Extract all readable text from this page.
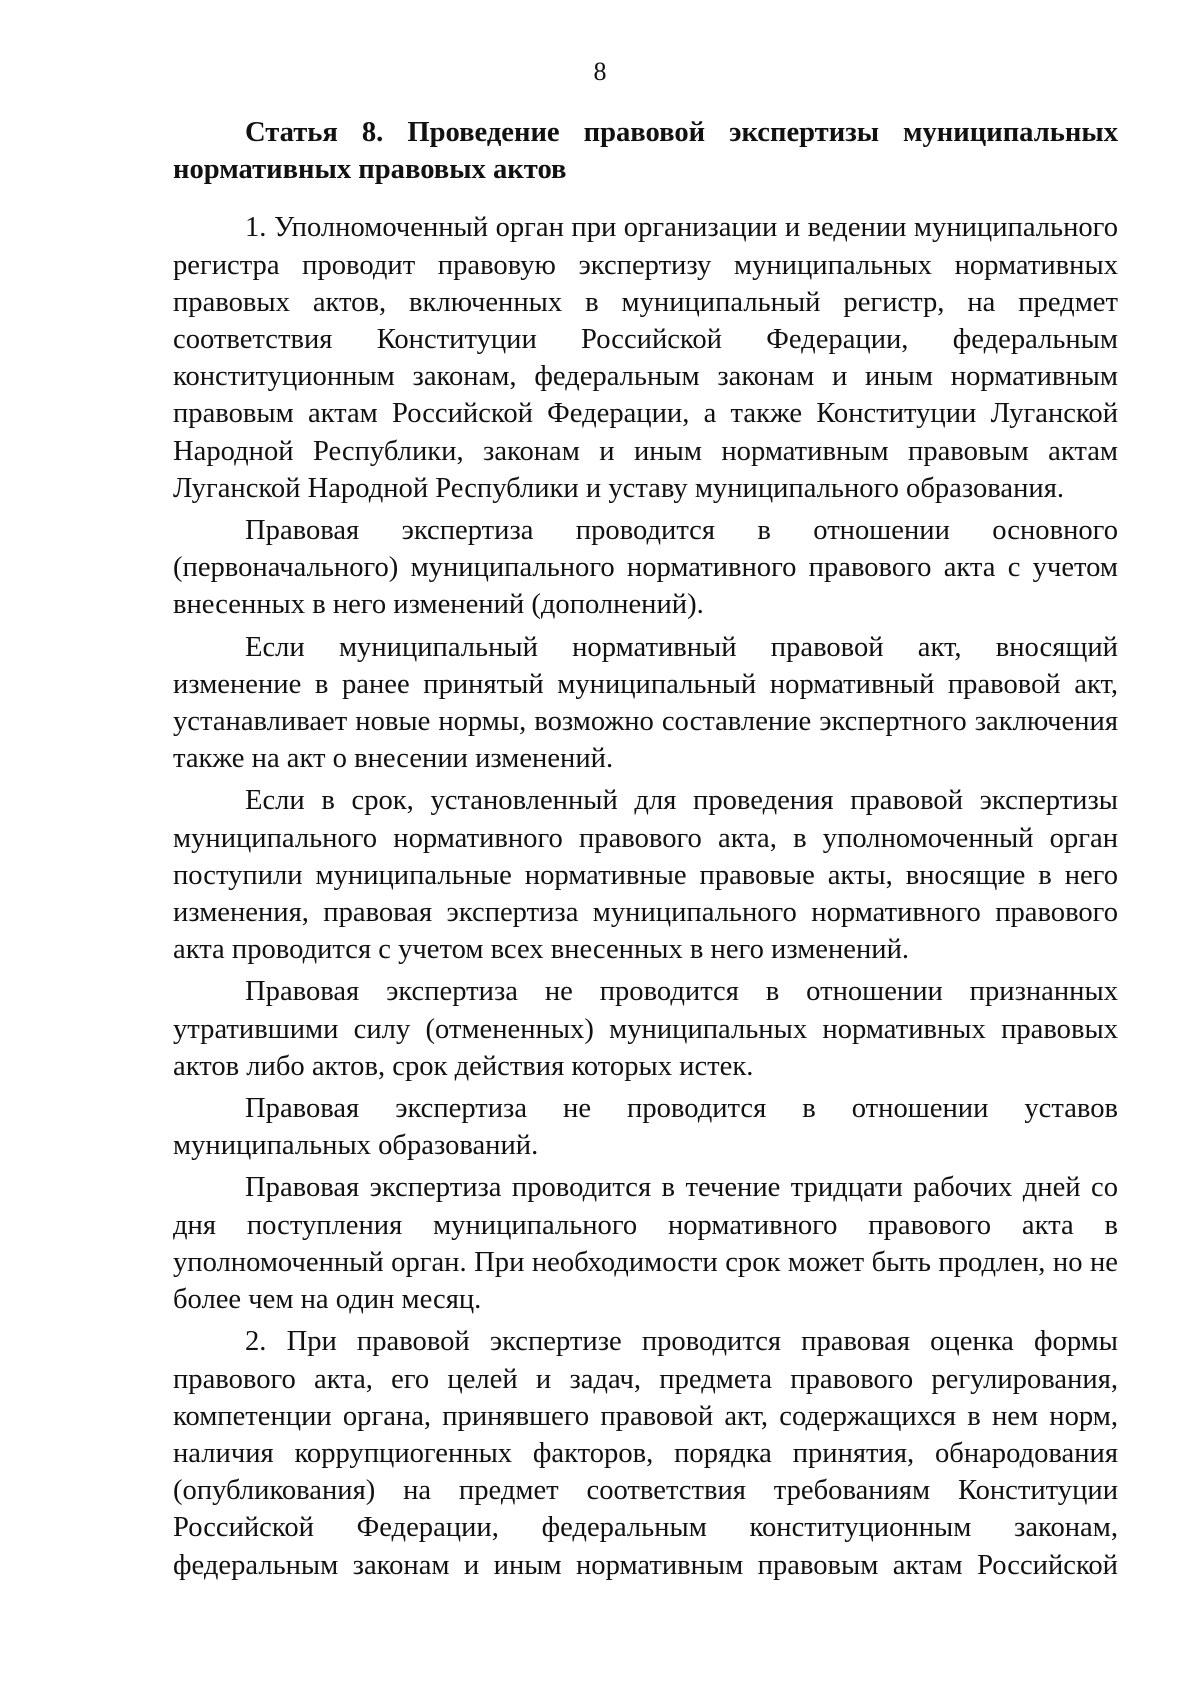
8

Статья 8. Проведение правовой экспертизы муниципальных нормативных правовых актов

1. Уполномоченный орган при организации и ведении муниципального регистра проводит правовую экспертизу муниципальных нормативных правовых актов, включенных в муниципальный регистр, на предмет соответствия Конституции Российской Федерации, федеральным конституционным законам, федеральным законам и иным нормативным правовым актам Российской Федерации, а также Конституции Луганской Народной Республики, законам и иным нормативным правовым актам Луганской Народной Республики и уставу муниципального образования.

Правовая экспертиза проводится в отношении основного (первоначального) муниципального нормативного правового акта с учетом внесенных в него изменений (дополнений).

Если муниципальный нормативный правовой акт, вносящий изменение в ранее принятый муниципальный нормативный правовой акт, устанавливает новые нормы, возможно составление экспертного заключения также на акт о внесении изменений.

Если в срок, установленный для проведения правовой экспертизы муниципального нормативного правового акта, в уполномоченный орган поступили муниципальные нормативные правовые акты, вносящие в него изменения, правовая экспертиза муниципального нормативного правового акта проводится с учетом всех внесенных в него изменений.

Правовая экспертиза не проводится в отношении признанных утратившими силу (отмененных) муниципальных нормативных правовых актов либо актов, срок действия которых истек.

Правовая экспертиза не проводится в отношении уставов муниципальных образований.

Правовая экспертиза проводится в течение тридцати рабочих дней со дня поступления муниципального нормативного правового акта в уполномоченный орган. При необходимости срок может быть продлен, но не более чем на один месяц.

2. При правовой экспертизе проводится правовая оценка формы правового акта, его целей и задач, предмета правового регулирования, компетенции органа, принявшего правовой акт, содержащихся в нем норм, наличия коррупциогенных факторов, порядка принятия, обнародования (опубликования) на предмет соответствия требованиям Конституции Российской Федерации, федеральным конституционным законам, федеральным законам и иным нормативным правовым актам Российской
